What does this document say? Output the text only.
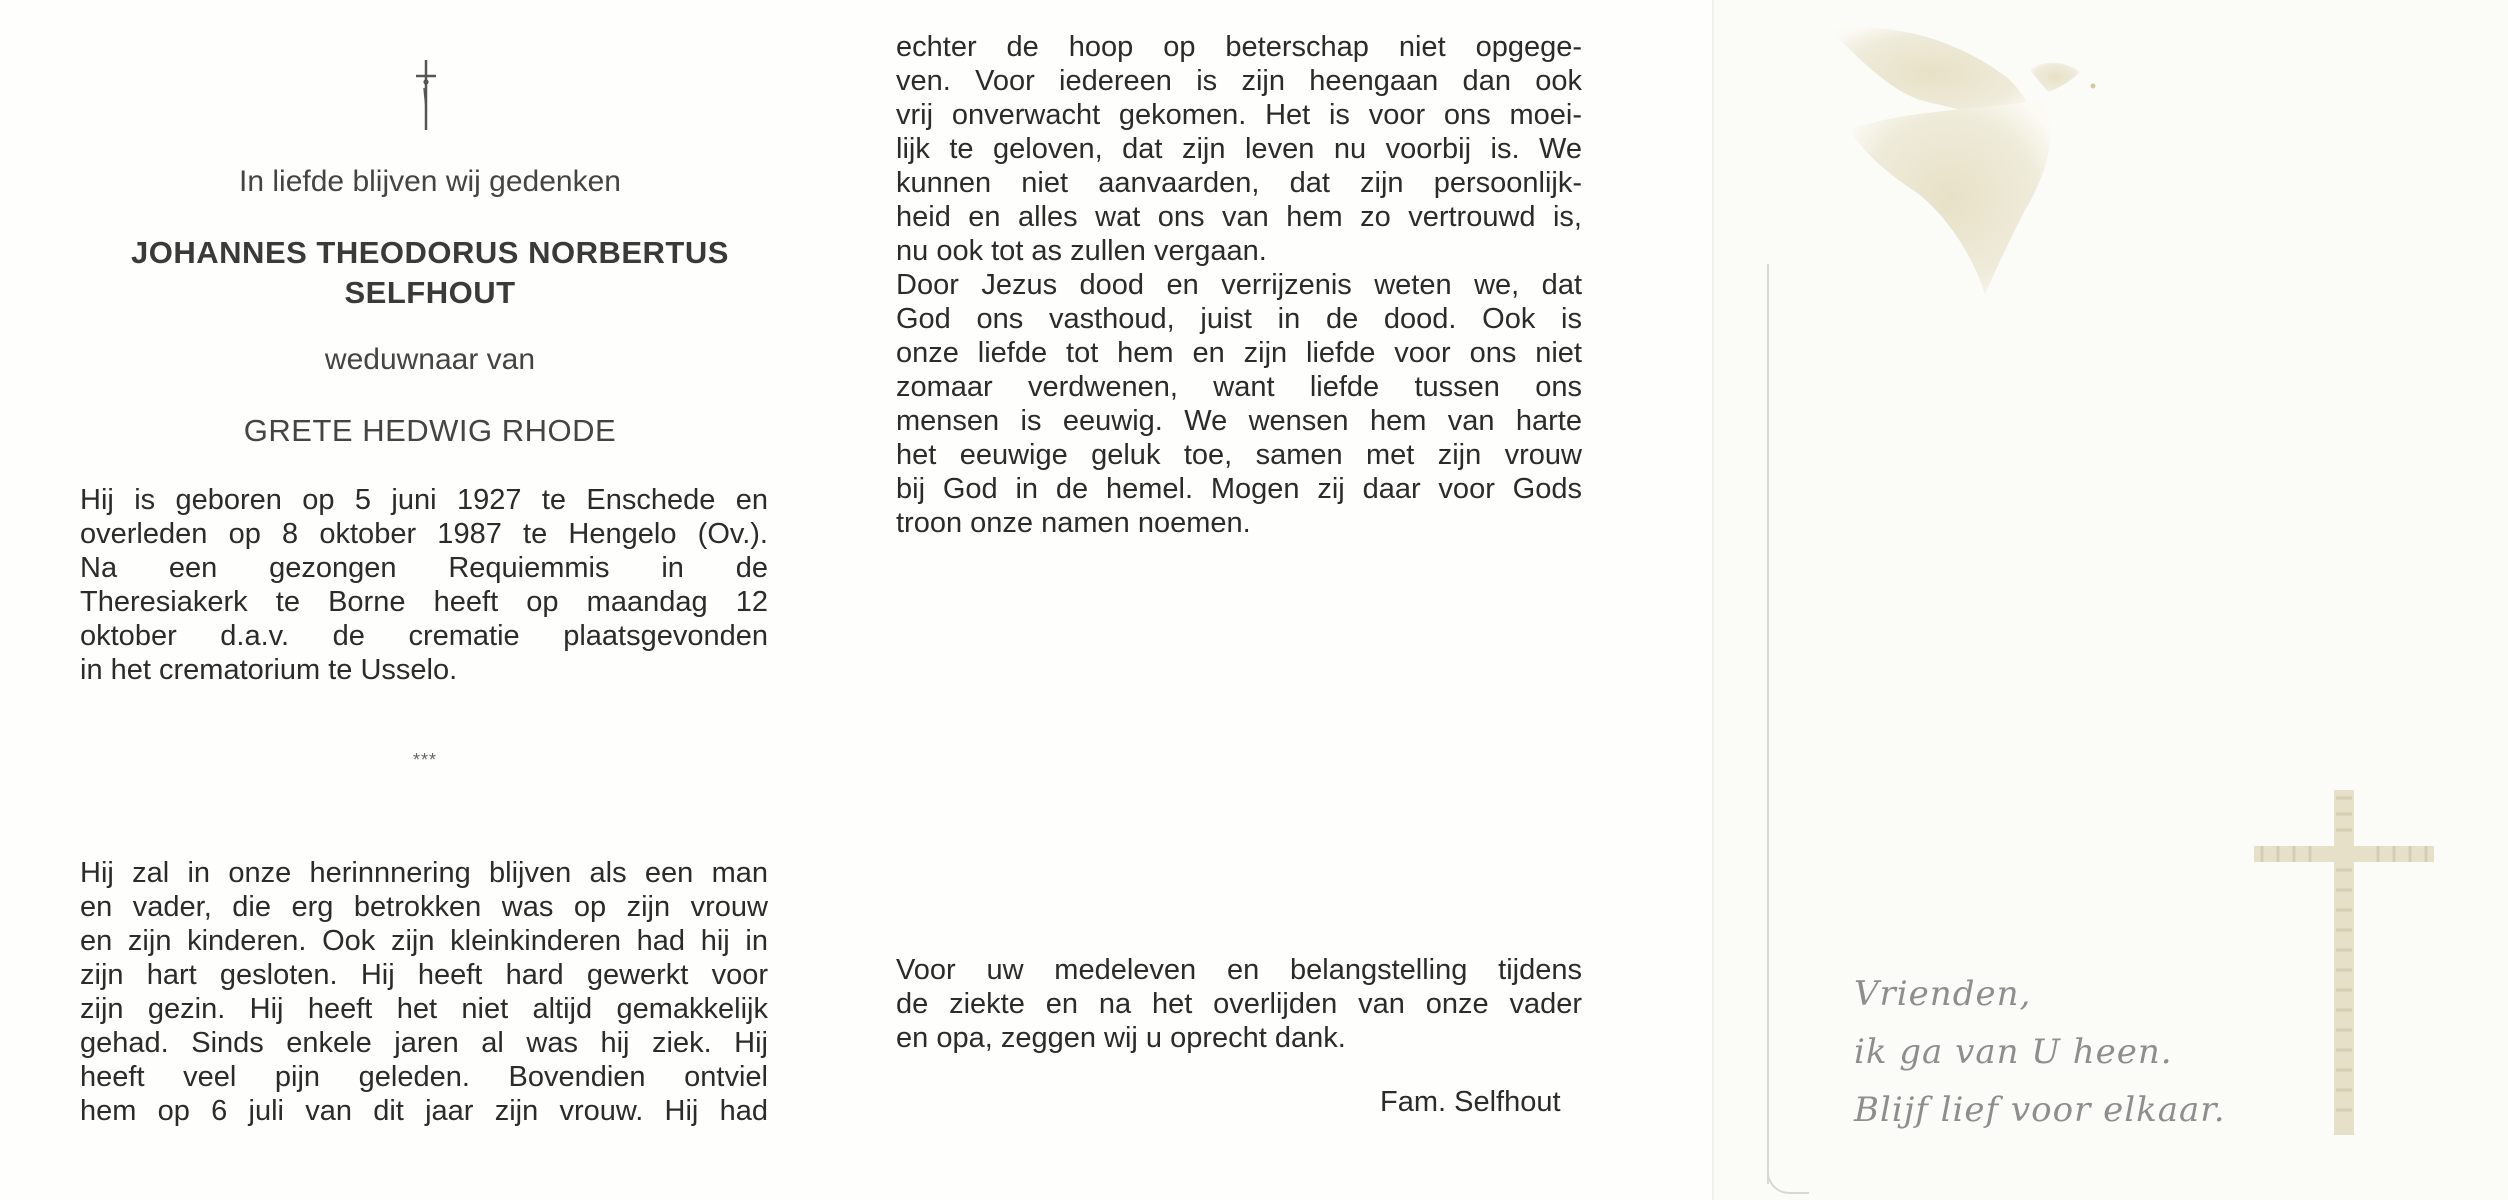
In liefde blijven wij gedenken
JOHANNES THEODORUS NORBERTUS
SELFHOUT
weduwnaar van
GRETE HEDWIG RHODE
Hij is geboren op 5 juni 1927 te Enschede en
overleden op 8 oktober 1987 te Hengelo (Ov.).
Na een gezongen Requiemmis in de
Theresiakerk te Borne heeft op maandag 12
oktober d.a.v. de crematie plaatsgevonden
in het crematorium te Usselo.
***
Hij zal in onze herinnnering blijven als een man
en vader, die erg betrokken was op zijn vrouw
en zijn kinderen. Ook zijn kleinkinderen had hij in
zijn hart gesloten. Hij heeft hard gewerkt voor
zijn gezin. Hij heeft het niet altijd gemakkelijk
gehad. Sinds enkele jaren al was hij ziek. Hij
heeft veel pijn geleden. Bovendien ontviel
hem op 6 juli van dit jaar zijn vrouw. Hij had
echter de hoop op beterschap niet opgege-
ven. Voor iedereen is zijn heengaan dan ook
vrij onverwacht gekomen. Het is voor ons moei-
lijk te geloven, dat zijn leven nu voorbij is. We
kunnen niet aanvaarden, dat zijn persoonlijk-
heid en alles wat ons van hem zo vertrouwd is,
nu ook tot as zullen vergaan.
Door Jezus dood en verrijzenis weten we, dat
God ons vasthoud, juist in de dood. Ook is
onze liefde tot hem en zijn liefde voor ons niet
zomaar verdwenen, want liefde tussen ons
mensen is eeuwig. We wensen hem van harte
het eeuwige geluk toe, samen met zijn vrouw
bij God in de hemel. Mogen zij daar voor Gods
troon onze namen noemen.
Voor uw medeleven en belangstelling tijdens
de ziekte en na het overlijden van onze vader
en opa, zeggen wij u oprecht dank.
Fam. Selfhout
Vrienden,
ik ga van U heen.
Blijf lief voor elkaar.
